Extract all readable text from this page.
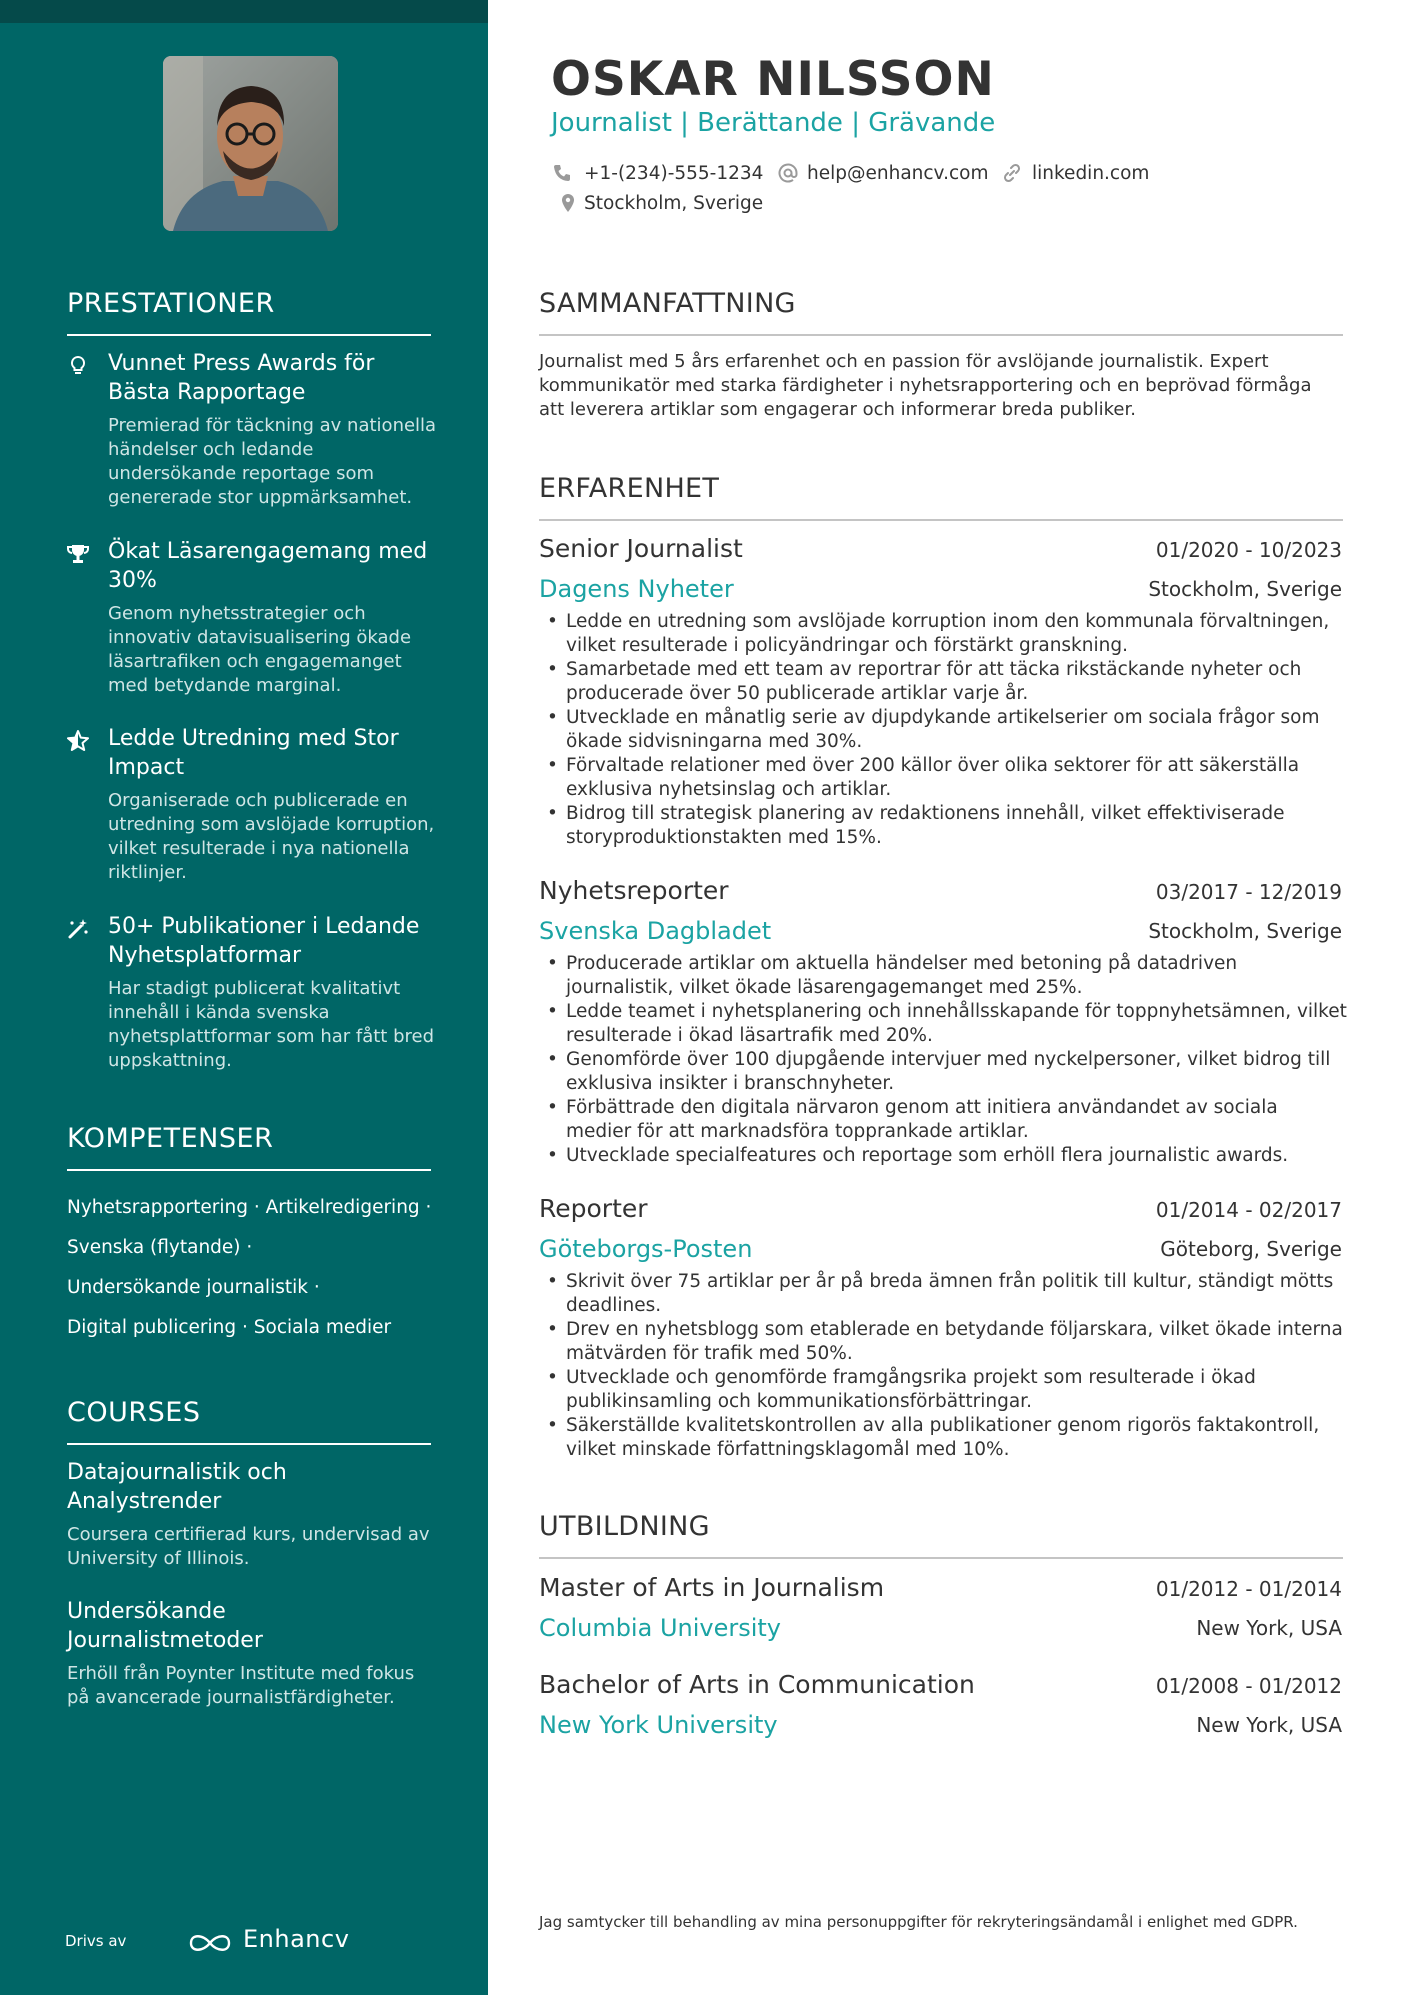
PRESTATIONER
Vunnet Press Awards för Bästa Rapportage
Premierad för täckning av nationella händelser och ledande undersökande reportage som genererade stor uppmärksamhet.
Ökat Läsarengagemang med 30%
Genom nyhetsstrategier och innovativ datavisualisering ökade läsartrafiken och engagemanget med betydande marginal.
Ledde Utredning med Stor Impact
Organiserade och publicerade en utredning som avslöjade korruption, vilket resulterade i nya nationella riktlinjer.
50+ Publikationer i Ledande Nyhetsplatformar
Har stadigt publicerat kvalitativt innehåll i kända svenska nyhetsplattformar som har fått bred uppskattning.
KOMPETENSER
Nyhetsrapportering · Artikelredigering ·
Svenska (flytande) ·
Undersökande journalistik ·
Digital publicering · Sociala medier
COURSES
Datajournalistik och Analystrender
Coursera certifierad kurs, undervisad av University of Illinois.
Undersökande Journalistmetoder
Erhöll från Poynter Institute med fokus på avancerade journalistfärdigheter.
Drivs av	Enhancv
OSKAR NILSSON
Journalist | Berättande | Grävande
+1-(234)-555-1234 help@enhancv.com linkedin.com
Stockholm, Sverige
SAMMANFATTNING
Journalist med 5 års erfarenhet och en passion för avslöjande journalistik. Expert kommunikatör med starka färdigheter i nyhetsrapportering och en beprövad förmåga att leverera artiklar som engagerar och informerar breda publiker.
ERFARENHET
Senior Journalist	01/2020 - 10/2023
Dagens Nyheter	Stockholm, Sverige
• Ledde en utredning som avslöjade korruption inom den kommunala förvaltningen, vilket resulterade i policyändringar och förstärkt granskning.
• Samarbetade med ett team av reportrar för att täcka rikstäckande nyheter och producerade över 50 publicerade artiklar varje år.
• Utvecklade en månatlig serie av djupdykande artikelserier om sociala frågor som ökade sidvisningarna med 30%.
• Förvaltade relationer med över 200 källor över olika sektorer för att säkerställa exklusiva nyhetsinslag och artiklar.
• Bidrog till strategisk planering av redaktionens innehåll, vilket effektiviserade storyproduktionstakten med 15%.
Nyhetsreporter	03/2017 - 12/2019
Svenska Dagbladet	Stockholm, Sverige
• Producerade artiklar om aktuella händelser med betoning på datadriven journalistik, vilket ökade läsarengagemanget med 25%.
• Ledde teamet i nyhetsplanering och innehållsskapande för toppnyhetsämnen, vilket resulterade i ökad läsartrafik med 20%.
• Genomförde över 100 djupgående intervjuer med nyckelpersoner, vilket bidrog till exklusiva insikter i branschnyheter.
• Förbättrade den digitala närvaron genom att initiera användandet av sociala medier för att marknadsföra topprankade artiklar.
• Utvecklade specialfeatures och reportage som erhöll flera journalistic awards.
Reporter	01/2014 - 02/2017
Göteborgs-Posten	Göteborg, Sverige
• Skrivit över 75 artiklar per år på breda ämnen från politik till kultur, ständigt mötts deadlines.
• Drev en nyhetsblogg som etablerade en betydande följarskara, vilket ökade interna mätvärden för trafik med 50%.
• Utvecklade och genomförde framgångsrika projekt som resulterade i ökad publikinsamling och kommunikationsförbättringar.
• Säkerställde kvalitetskontrollen av alla publikationer genom rigorös faktakontroll, vilket minskade författningsklagomål med 10%.
UTBILDNING
Master of Arts in Journalism	01/2012 - 01/2014
Columbia University	New York, USA
Bachelor of Arts in Communication	01/2008 - 01/2012
New York University	New York, USA
Jag samtycker till behandling av mina personuppgifter för rekryteringsändamål i enlighet med GDPR.
